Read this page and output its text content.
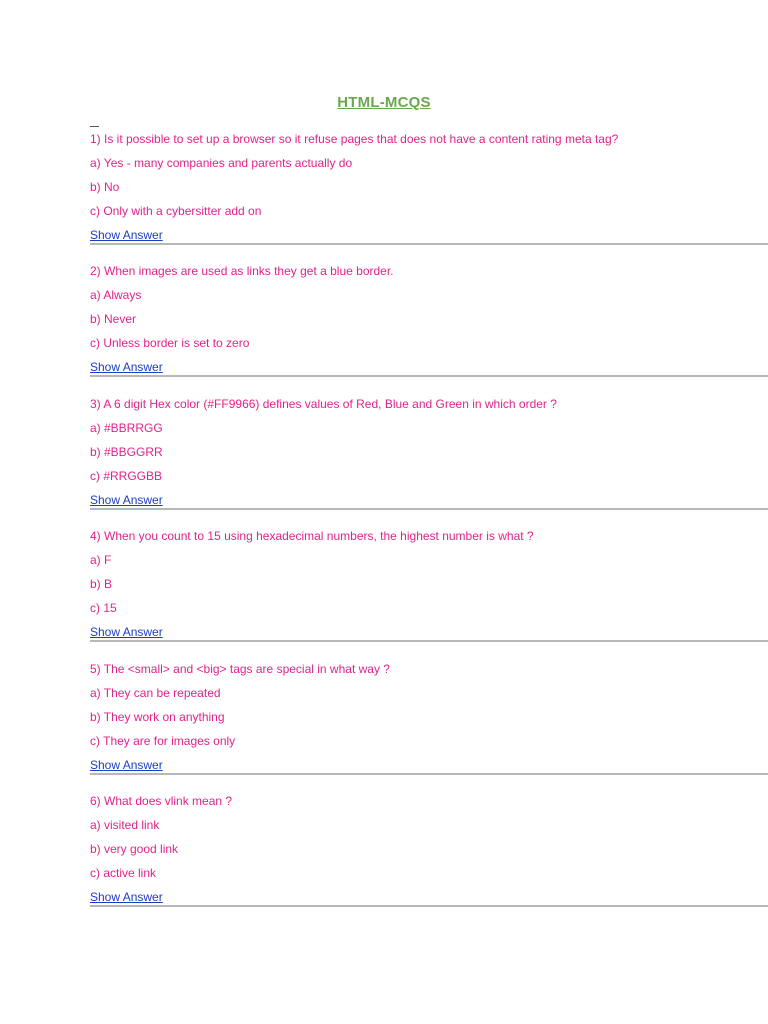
HTML-MCQS
1) Is it possible to set up a browser so it refuse pages that does not have a content rating meta tag?
a) Yes - many companies and parents actually do
b) No
c) Only with a cybersitter add on
Show Answer
2) When images are used as links they get a blue border.
a) Always
b) Never
c) Unless border is set to zero
Show Answer
3) A 6 digit Hex color (#FF9966) defines values of Red, Blue and Green in which order ?
a) #BBRRGG
b) #BBGGRR
c) #RRGGBB
Show Answer
4) When you count to 15 using hexadecimal numbers, the highest number is what ?
a) F
b) B
c) 15
Show Answer
5) The <small> and <big> tags are special in what way ?
a) They can be repeated
b) They work on anything
c) They are for images only
Show Answer
6) What does vlink mean ?
a) visited link
b) very good link
c) active link
Show Answer
